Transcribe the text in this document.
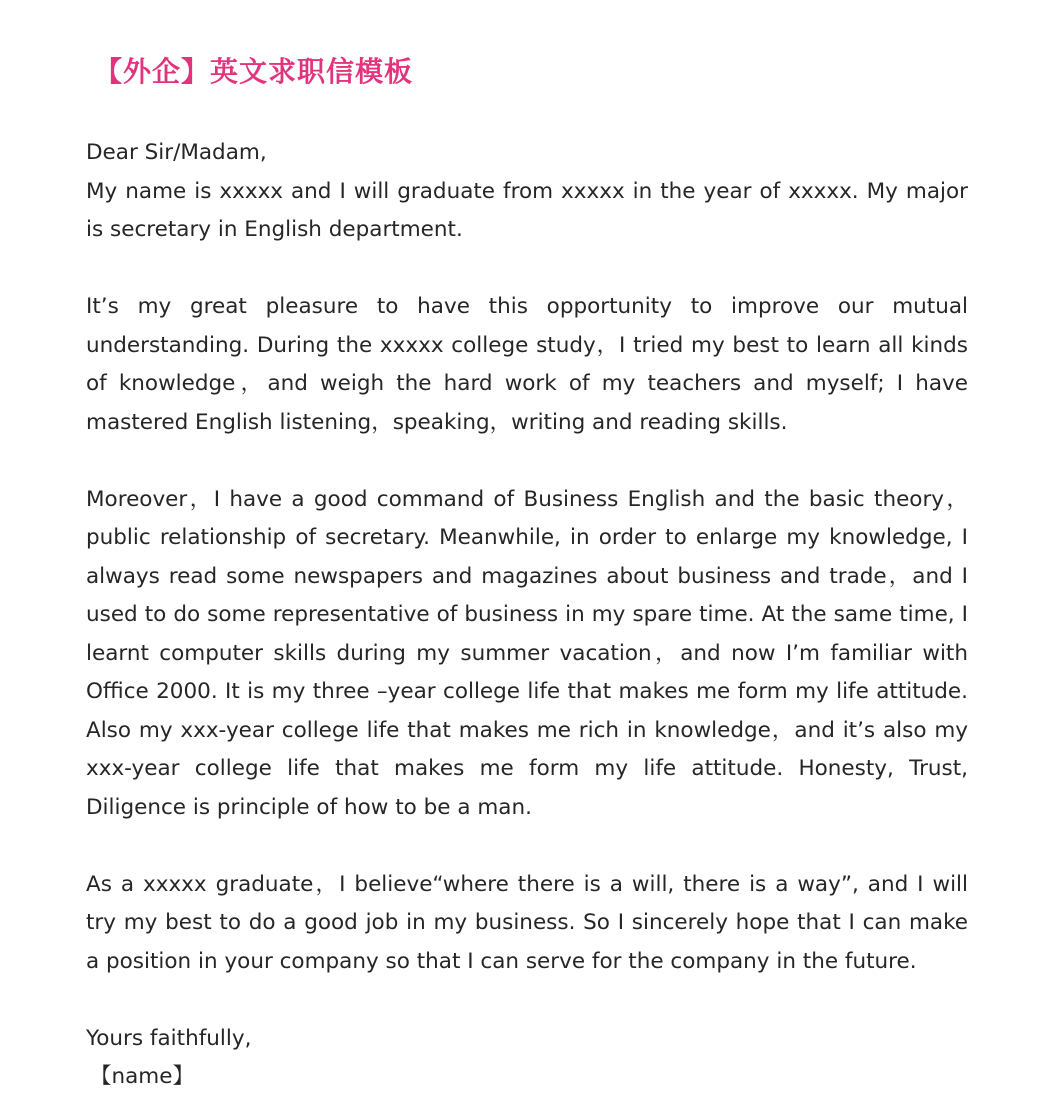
【外企】英文求职信模板

Dear Sir/Madam,

My name is xxxxx and I will graduate from xxxxx in the year of xxxxx. My major is secretary in English department.

It’s my great pleasure to have this opportunity to improve our mutual understanding. During the xxxxx college study，I tried my best to learn all kinds of knowledge，and weigh the hard work of my teachers and myself; I have mastered English listening，speaking，writing and reading skills.

Moreover，I have a good command of Business English and the basic theory， public relationship of secretary. Meanwhile, in order to enlarge my knowledge, I always read some newspapers and magazines about business and trade，and I used to do some representative of business in my spare time. At the same time, I learnt computer skills during my summer vacation，and now I’m familiar with Office 2000. It is my three –year college life that makes me form my life attitude. Also my xxx-year college life that makes me rich in knowledge，and it’s also my xxx-year college life that makes me form my life attitude. Honesty, Trust, Diligence is principle of how to be a man.

As a xxxxx graduate，I believe“where there is a will, there is a way”, and I will try my best to do a good job in my business. So I sincerely hope that I can make a position in your company so that I can serve for the company in the future.

Yours faithfully,

【name】
